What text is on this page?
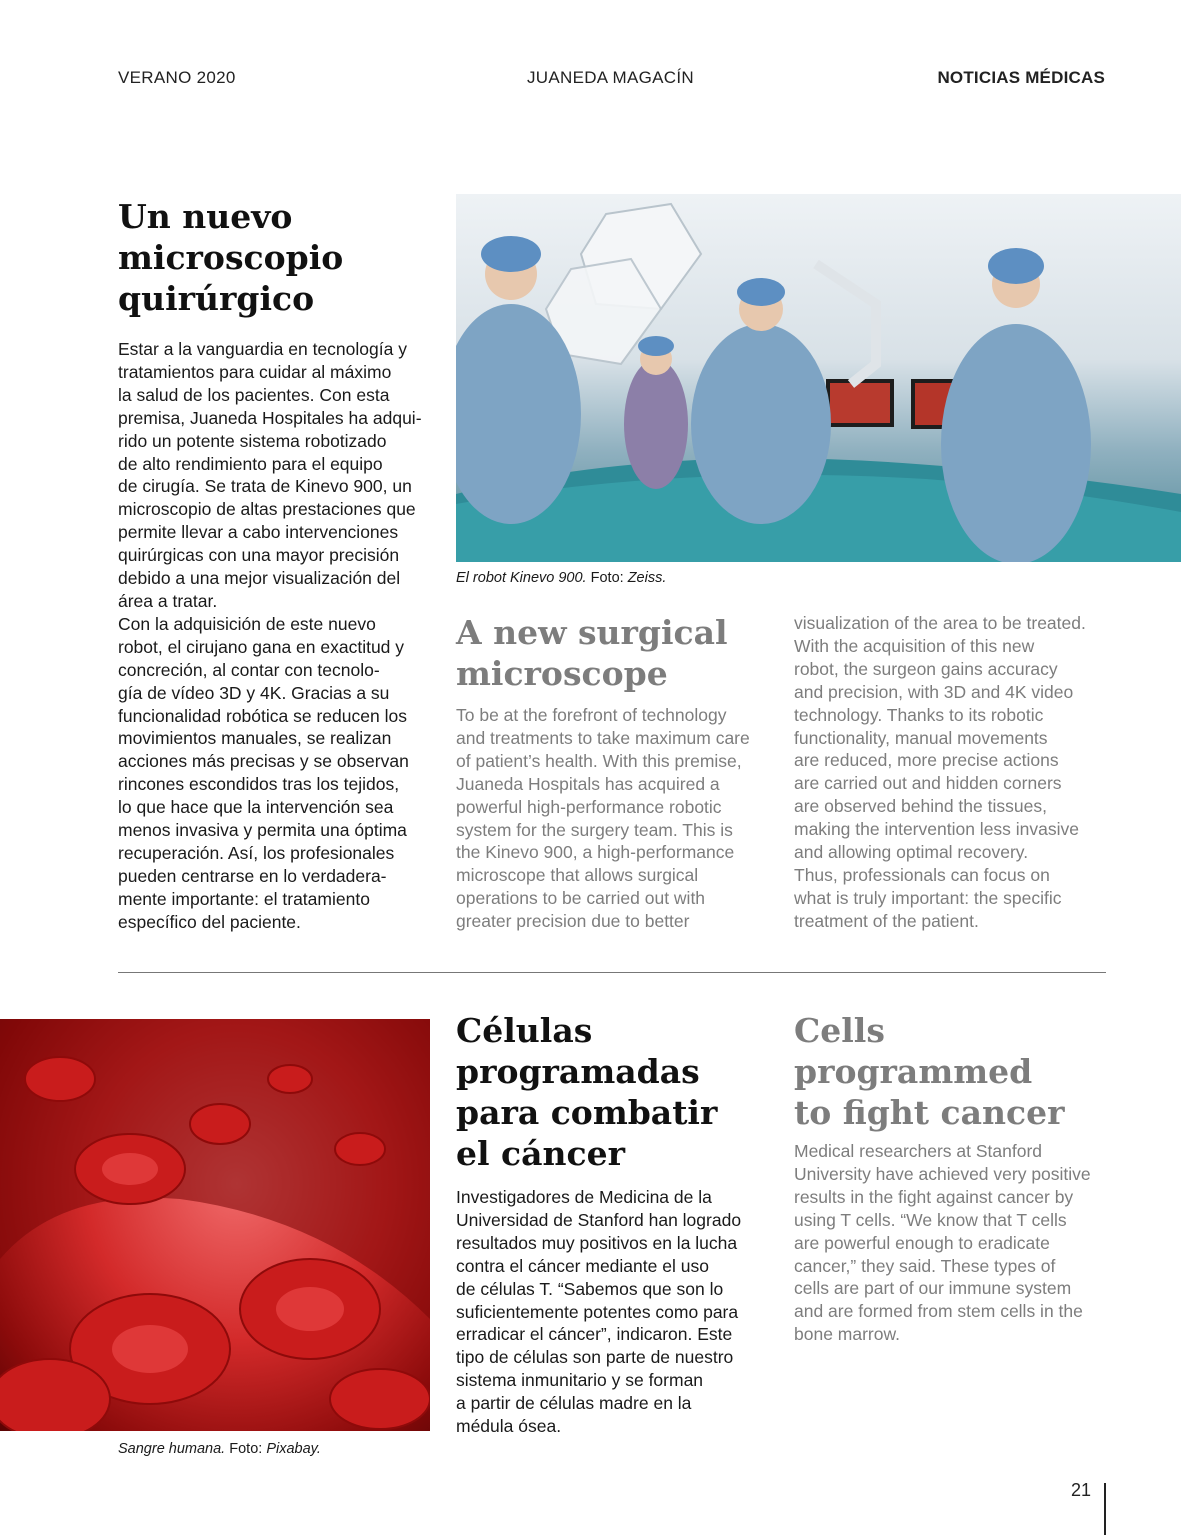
VERANO 2020	JUANEDA MAGACÍN	NOTICIAS MÉDICAS
Un nuevo
microscopio
quirúrgico

Estar a la vanguardia en tecnología y
tratamientos para cuidar al máximo
la salud de los pacientes. Con esta
premisa, Juaneda Hospitales ha adqui-
rido un potente sistema robotizado
de alto rendimiento para el equipo
de cirugía. Se trata de Kinevo 900, un
microscopio de altas prestaciones que
permite llevar a cabo intervenciones
quirúrgicas con una mayor precisión
debido a una mejor visualización del
área a tratar.
Con la adquisición de este nuevo
robot, el cirujano gana en exactitud y
concreción, al contar con tecnolo-
gía de vídeo 3D y 4K. Gracias a su
funcionalidad robótica se reducen los
movimientos manuales, se realizan
acciones más precisas y se observan
rincones escondidos tras los tejidos,
lo que hace que la intervención sea
menos invasiva y permita una óptima
recuperación. Así, los profesionales
pueden centrarse en lo verdadera-
mente importante: el tratamiento
específico del paciente.

El robot Kinevo 900. Foto: Zeiss.
A new surgical
microscope

To be at the forefront of technology
and treatments to take maximum care
of patient’s health. With this premise,
Juaneda Hospitals has acquired a
powerful high-performance robotic
system for the surgery team. This is
the Kinevo 900, a high-performance
microscope that allows surgical
operations to be carried out with
greater precision due to better

visualization of the area to be treated.
With the acquisition of this new
robot, the surgeon gains accuracy
and precision, with 3D and 4K video
technology. Thanks to its robotic
functionality, manual movements
are reduced, more precise actions
are carried out and hidden corners
are observed behind the tissues,
making the intervention less invasive
and allowing optimal recovery.
Thus, professionals can focus on
what is truly important: the specific
treatment of the patient.

Sangre humana. Foto: Pixabay.
Células
programadas
para combatir
el cáncer

Investigadores de Medicina de la
Universidad de Stanford han logrado
resultados muy positivos en la lucha
contra el cáncer mediante el uso
de células T. “Sabemos que son lo
suficientemente potentes como para
erradicar el cáncer”, indicaron. Este
tipo de células son parte de nuestro
sistema inmunitario y se forman
a partir de células madre en la
médula ósea.

Cells
programmed
to fight cancer

Medical researchers at Stanford
University have achieved very positive
results in the fight against cancer by
using T cells. “We know that T cells
are powerful enough to eradicate
cancer,” they said. These types of
cells are part of our immune system
and are formed from stem cells in the
bone marrow.

21
